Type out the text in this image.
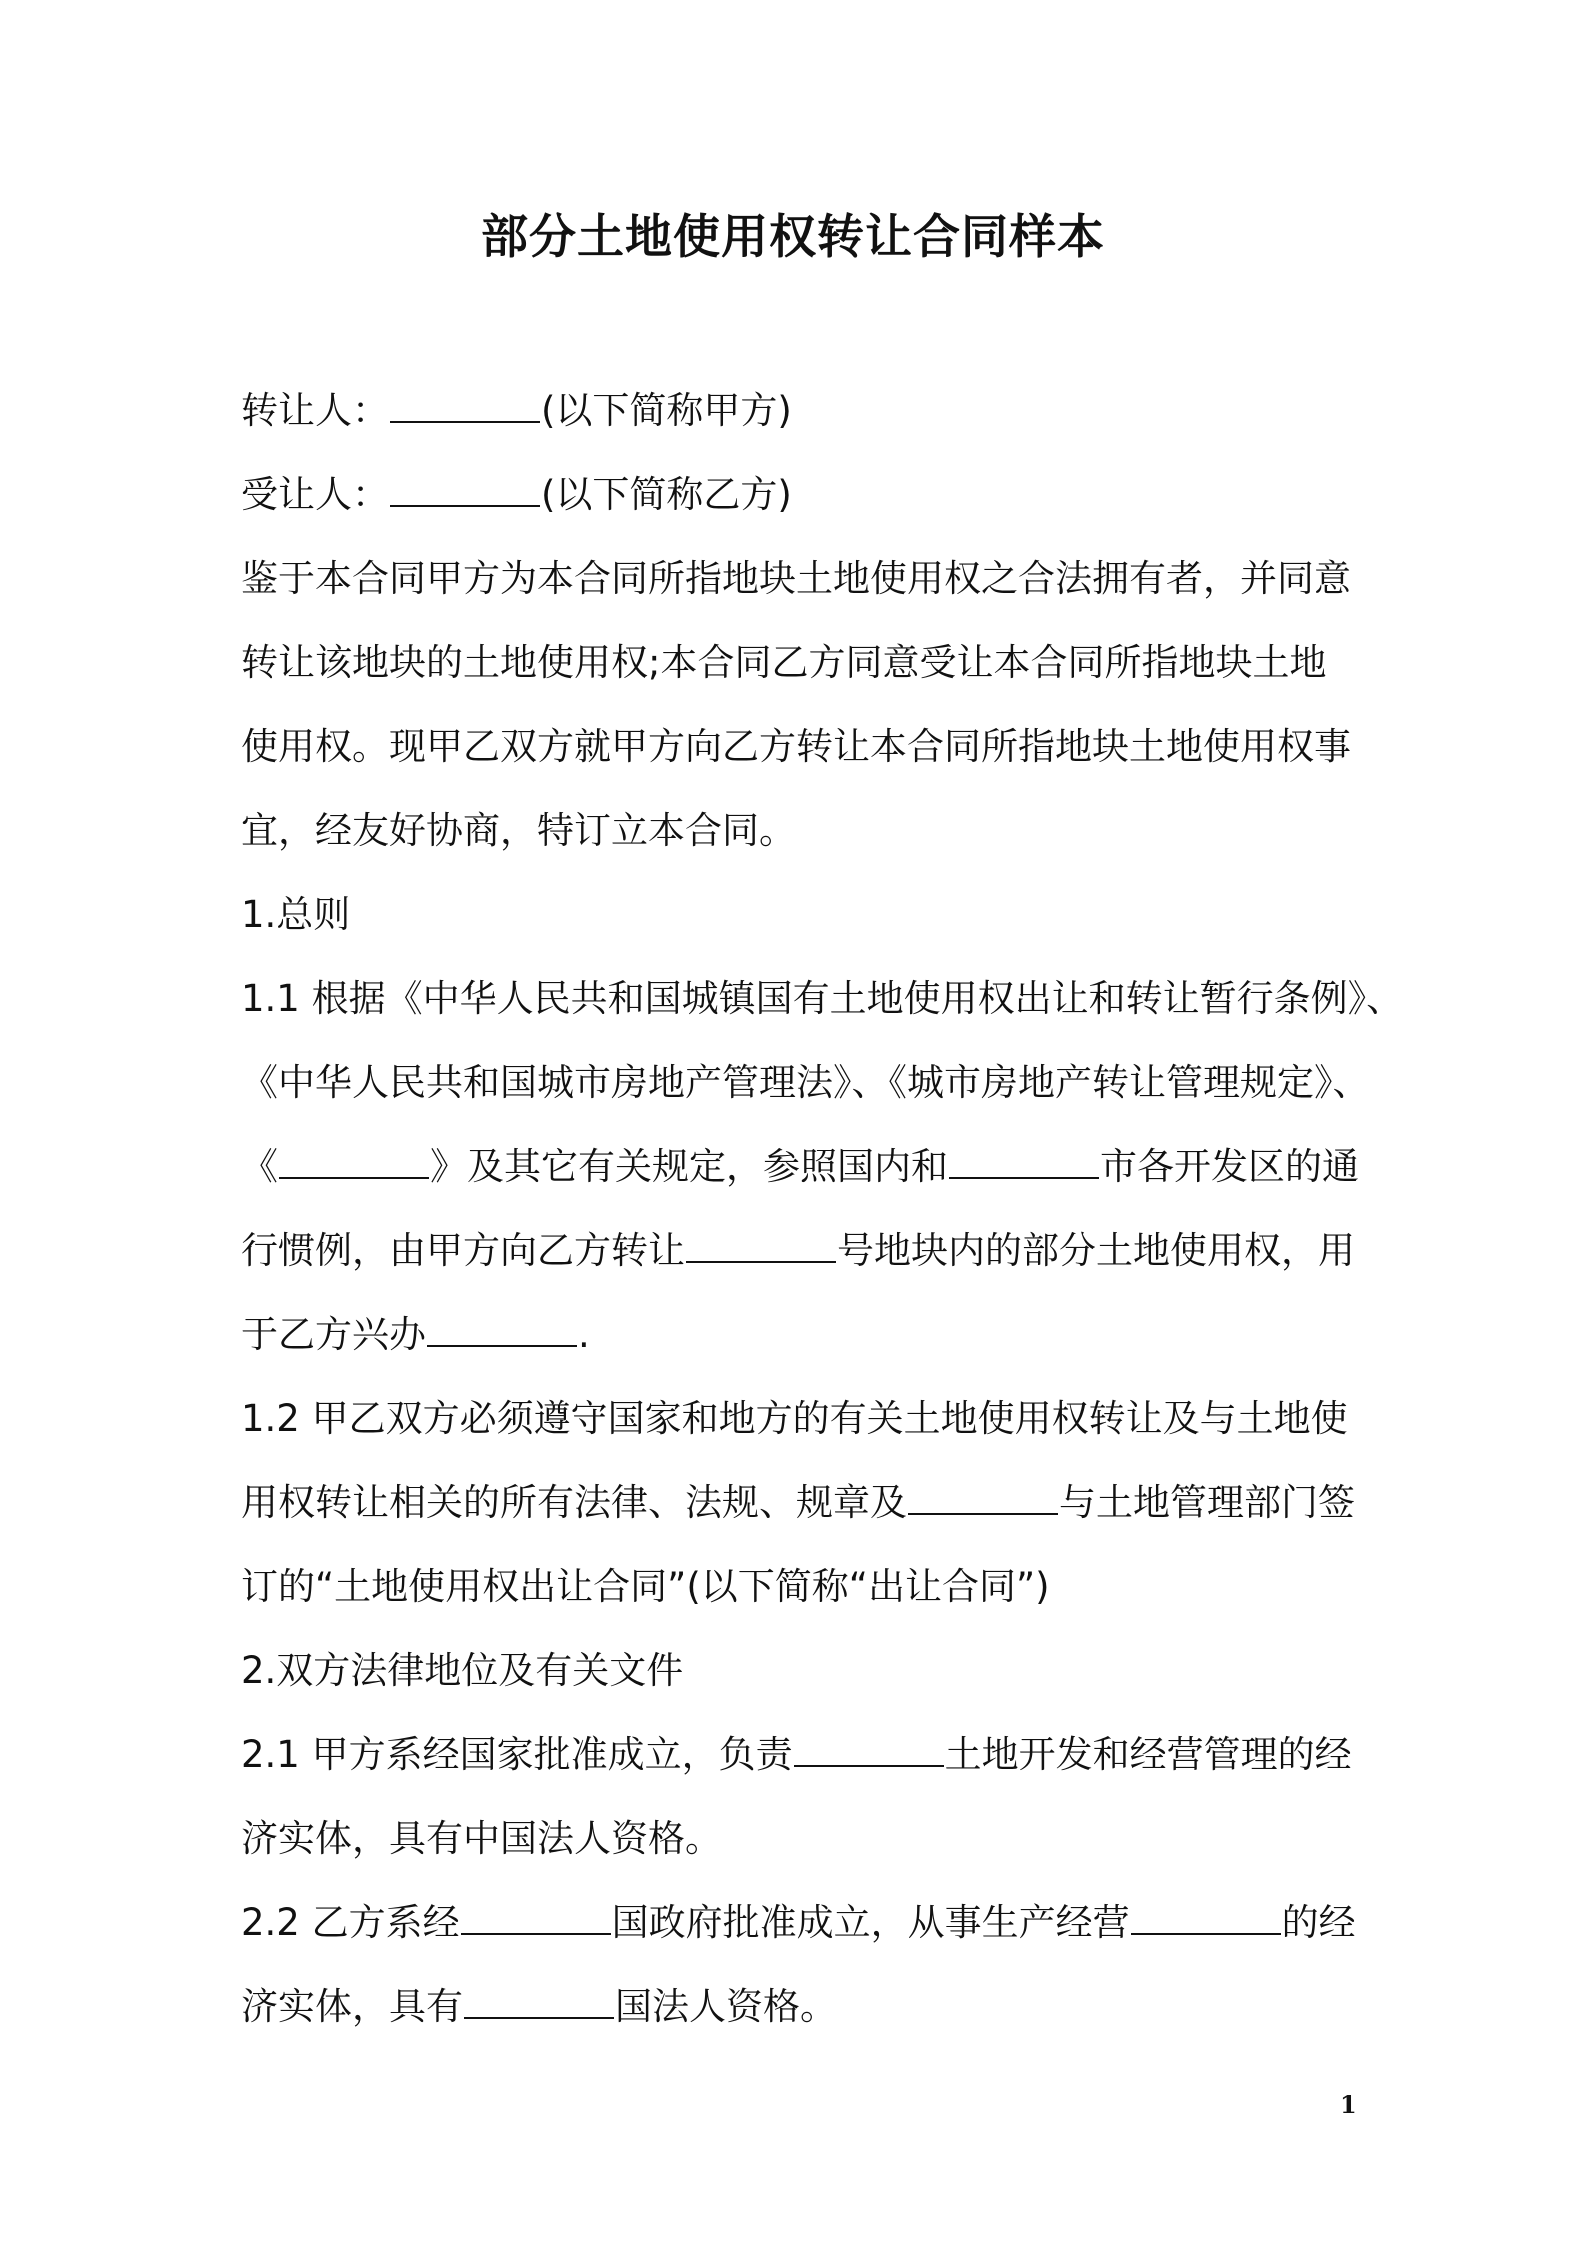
部分土地使用权转让合同样本
转让人：	(以下简称甲方)
受让人：	(以下简称乙方)
鉴于本合同甲方为本合同所指地块土地使用权之合法拥有者，并同意
转让该地块的土地使用权;本合同乙方同意受让本合同所指地块土地
使用权。现甲乙双方就甲方向乙方转让本合同所指地块土地使用权事
宜，经友好协商，特订立本合同。
1.总则
1.1 根据《中华人民共和国城镇国有土地使用权出让和转让暂行条例》、
《中华人民共和国城市房地产管理法》、《城市房地产转让管理规定》、
《	》及其它有关规定，参照国内和	市各开发区的通
行惯例，由甲方向乙方转让	号地块内的部分土地使用权，用
于乙方兴办	.
1.2 甲乙双方必须遵守国家和地方的有关土地使用权转让及与土地使
用权转让相关的所有法律、法规、规章及	与土地管理部门签
订的“土地使用权出让合同”(以下简称“出让合同”)
2.双方法律地位及有关文件
2.1 甲方系经国家批准成立，负责	土地开发和经营管理的经
济实体，具有中国法人资格。
2.2 乙方系经	国政府批准成立，从事生产经营	的经
济实体，具有	国法人资格。
1
